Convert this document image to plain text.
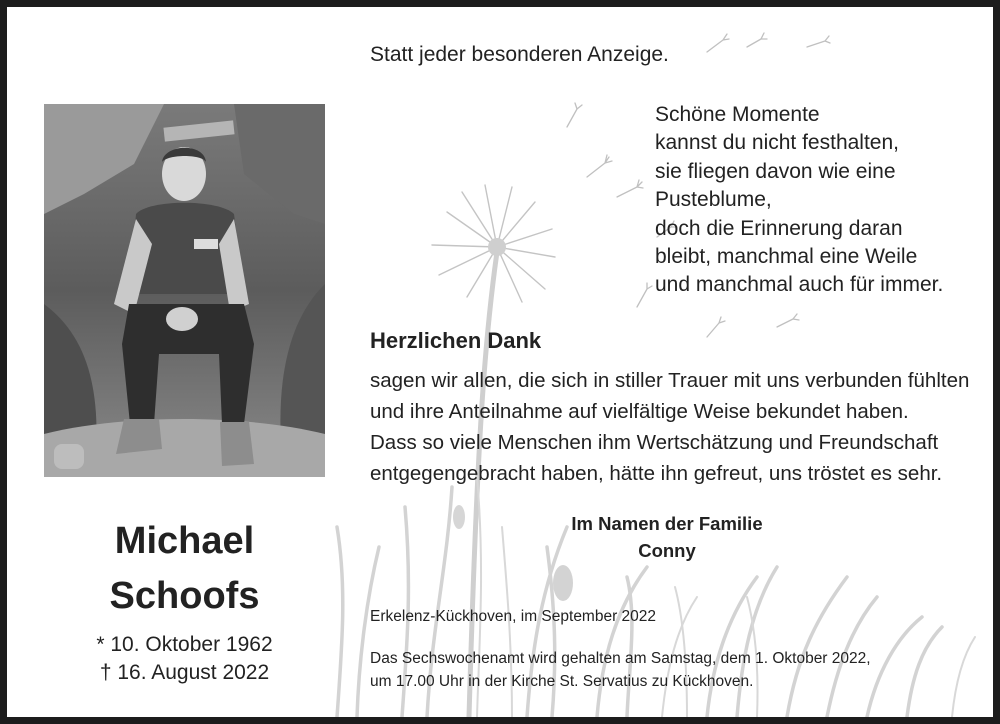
Michael
Schoofs
* 10. Oktober 1962
† 16. August 2022
Statt jeder besonderen Anzeige.
Schöne Momente
kannst du nicht festhalten,
sie fliegen davon wie eine
Pusteblume,
doch die Erinnerung daran
bleibt, manchmal eine Weile
und manchmal auch für immer.
Herzlichen Dank
sagen wir allen, die sich in stiller Trauer mit uns verbunden fühlten
und ihre Anteilnahme auf vielfältige Weise bekundet haben.
Dass so viele Menschen ihm Wertschätzung und Freundschaft
entgegengebracht haben, hätte ihn gefreut, uns tröstet es sehr.
Im Namen der Familie
Conny
Erkelenz-Kückhoven, im September 2022
Das Sechswochenamt wird gehalten am Samstag, dem 1. Oktober 2022,
um 17.00 Uhr in der Kirche St. Servatius zu Kückhoven.
